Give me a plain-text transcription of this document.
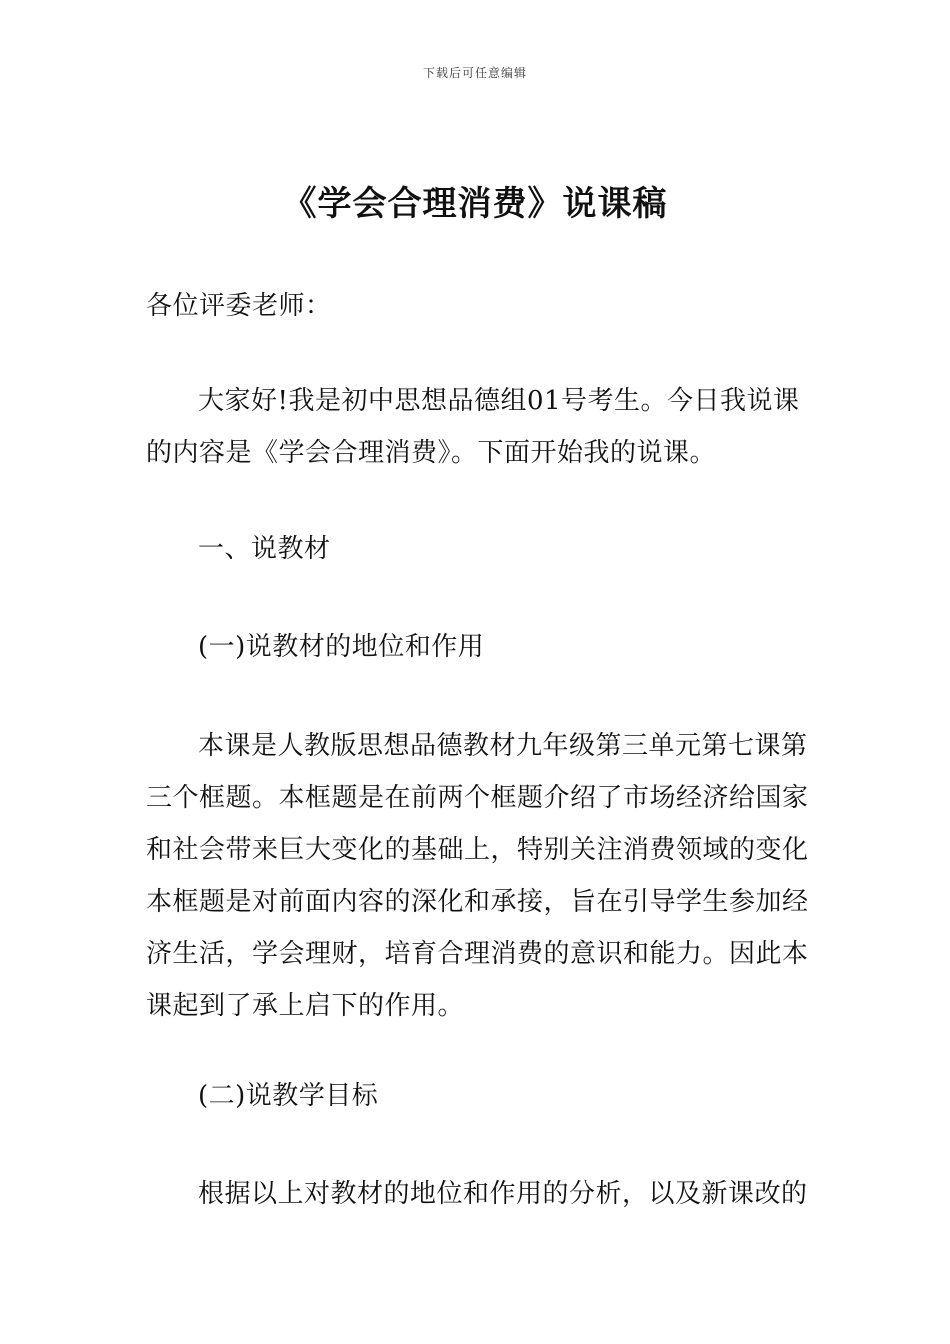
下载后可任意编辑
《学会合理消费》说课稿

各位评委老师：

大家好!我是初中思想品德组01号考生。今日我说课的内容是《学会合理消费》。下面开始我的说课。

一、说教材

(一)说教材的地位和作用

本课是人教版思想品德教材九年级第三单元第七课第三个框题。本框题是在前两个框题介绍了市场经济给国家和社会带来巨大变化的基础上，特别关注消费领域的变化本框题是对前面内容的深化和承接，旨在引导学生参加经济生活，学会理财，培育合理消费的意识和能力。因此本课起到了承上启下的作用。

(二)说教学目标

根据以上对教材的地位和作用的分析，以及新课改的
